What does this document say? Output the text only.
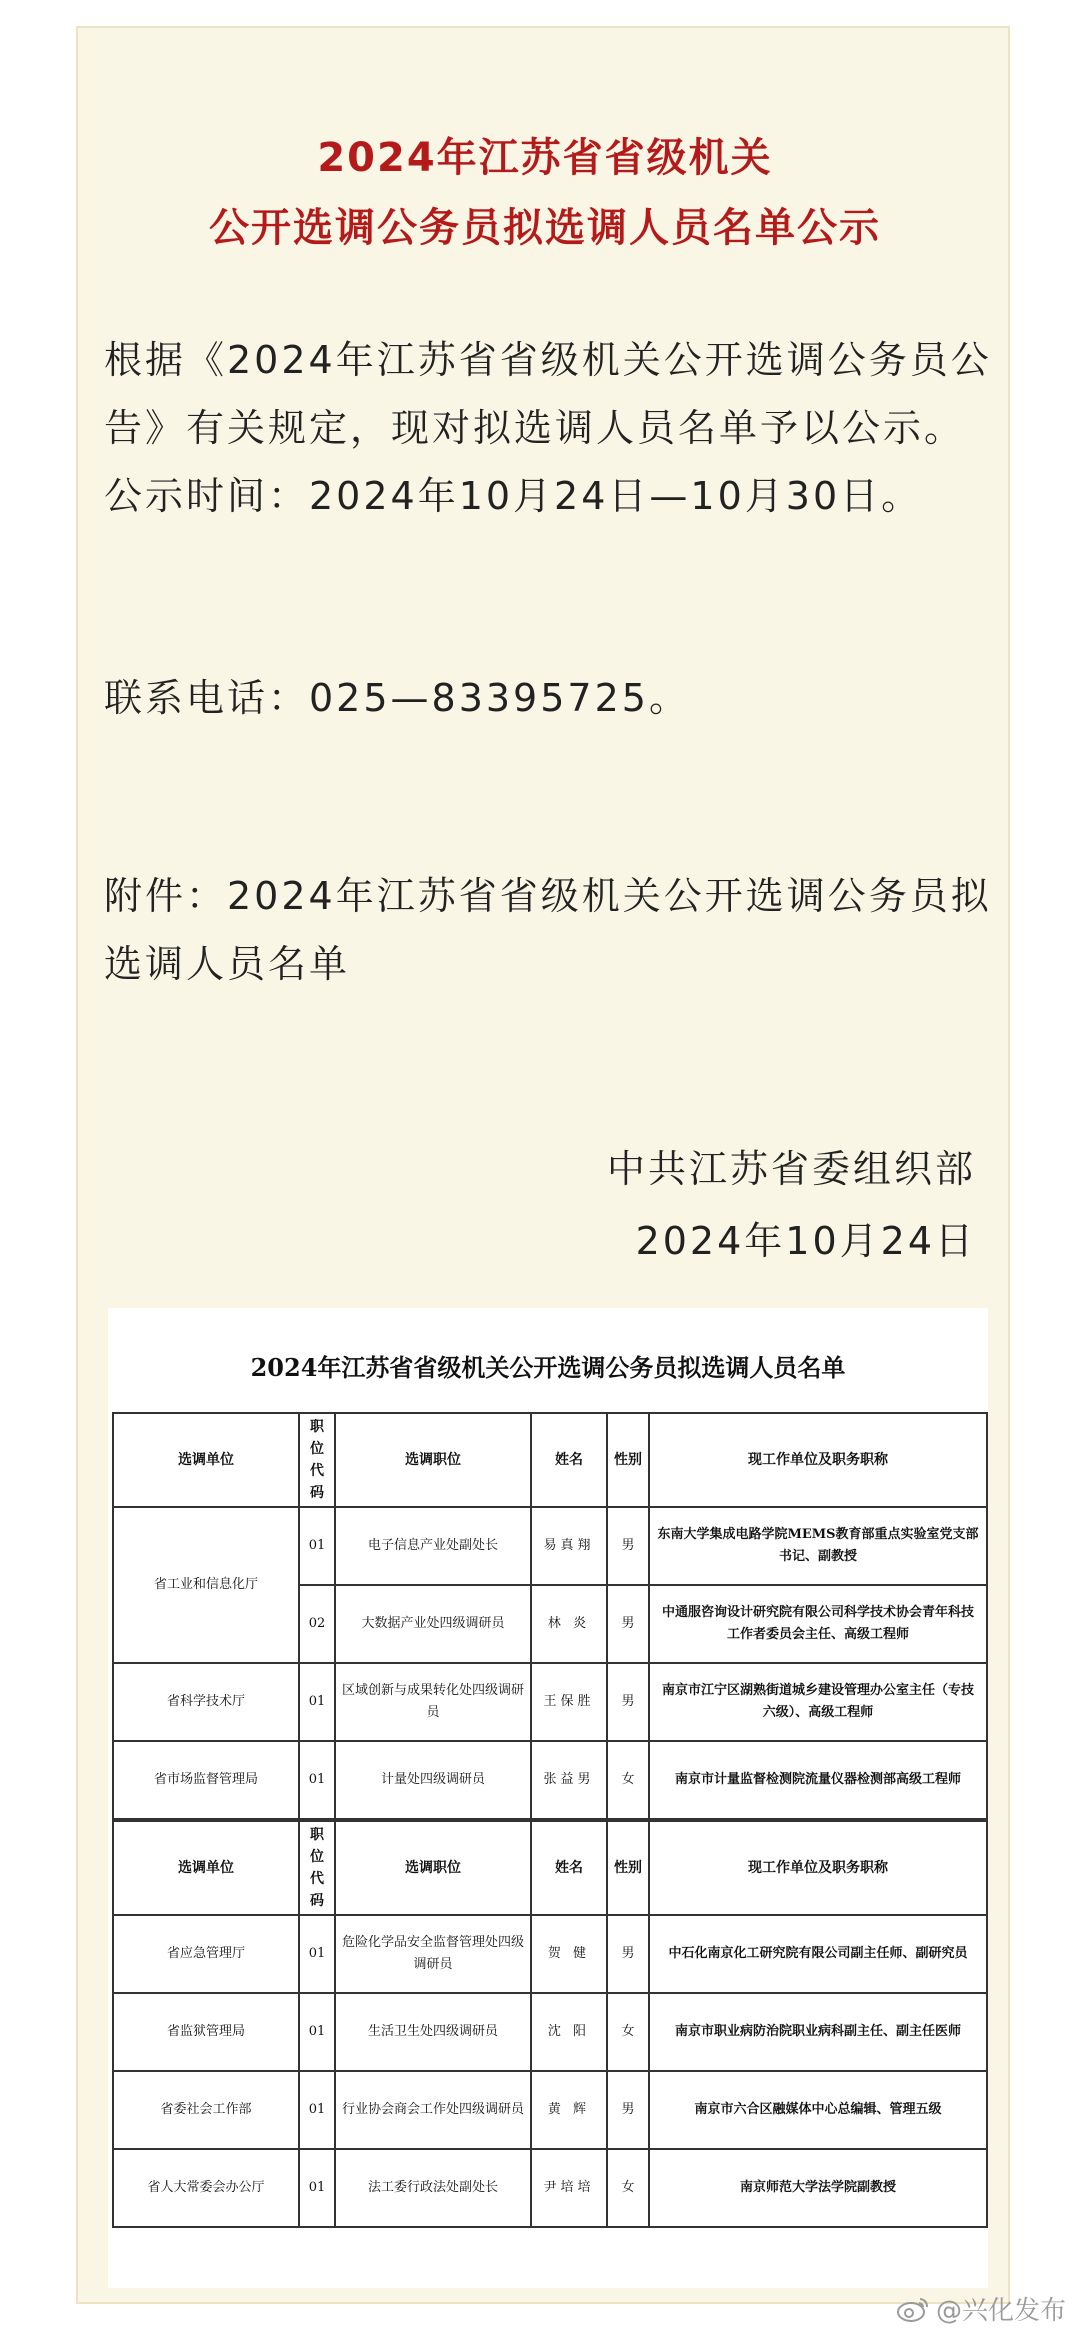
2024年江苏省省级机关
公开选调公务员拟选调人员名单公示
根据《2024年江苏省省级机关公开选调公务员公告》有关规定，现对拟选调人员名单予以公示。公示时间：2024年10月24日—10月30日。
联系电话：025—83395725。
附件：2024年江苏省省级机关公开选调公务员拟选调人员名单
中共江苏省委组织部
2024年10月24日
2024年江苏省省级机关公开选调公务员拟选调人员名单
选调单位	职位代码	选调职位	姓名	性别	现工作单位及职务职称
省工业和信息化厅	01	电子信息产业处副处长	易真翔	男	东南大学集成电路学院MEMS教育部重点实验室党支部书记、副教授
	02	大数据产业处四级调研员	林 炎	男	中通服咨询设计研究院有限公司科学技术协会青年科技工作者委员会主任、高级工程师
省科学技术厅	01	区域创新与成果转化处四级调研员	王保胜	男	南京市江宁区湖熟街道城乡建设管理办公室主任（专技六级）、高级工程师
省市场监督管理局	01	计量处四级调研员	张益男	女	南京市计量监督检测院流量仪器检测部高级工程师
选调单位	职位代码	选调职位	姓名	性别	现工作单位及职务职称
省应急管理厅	01	危险化学品安全监督管理处四级调研员	贺 健	男	中石化南京化工研究院有限公司副主任师、副研究员
省监狱管理局	01	生活卫生处四级调研员	沈 阳	女	南京市职业病防治院职业病科副主任、副主任医师
省委社会工作部	01	行业协会商会工作处四级调研员	黄 辉	男	南京市六合区融媒体中心总编辑、管理五级
省人大常委会办公厅	01	法工委行政法处副处长	尹培培	女	南京师范大学法学院副教授
@兴化发布
